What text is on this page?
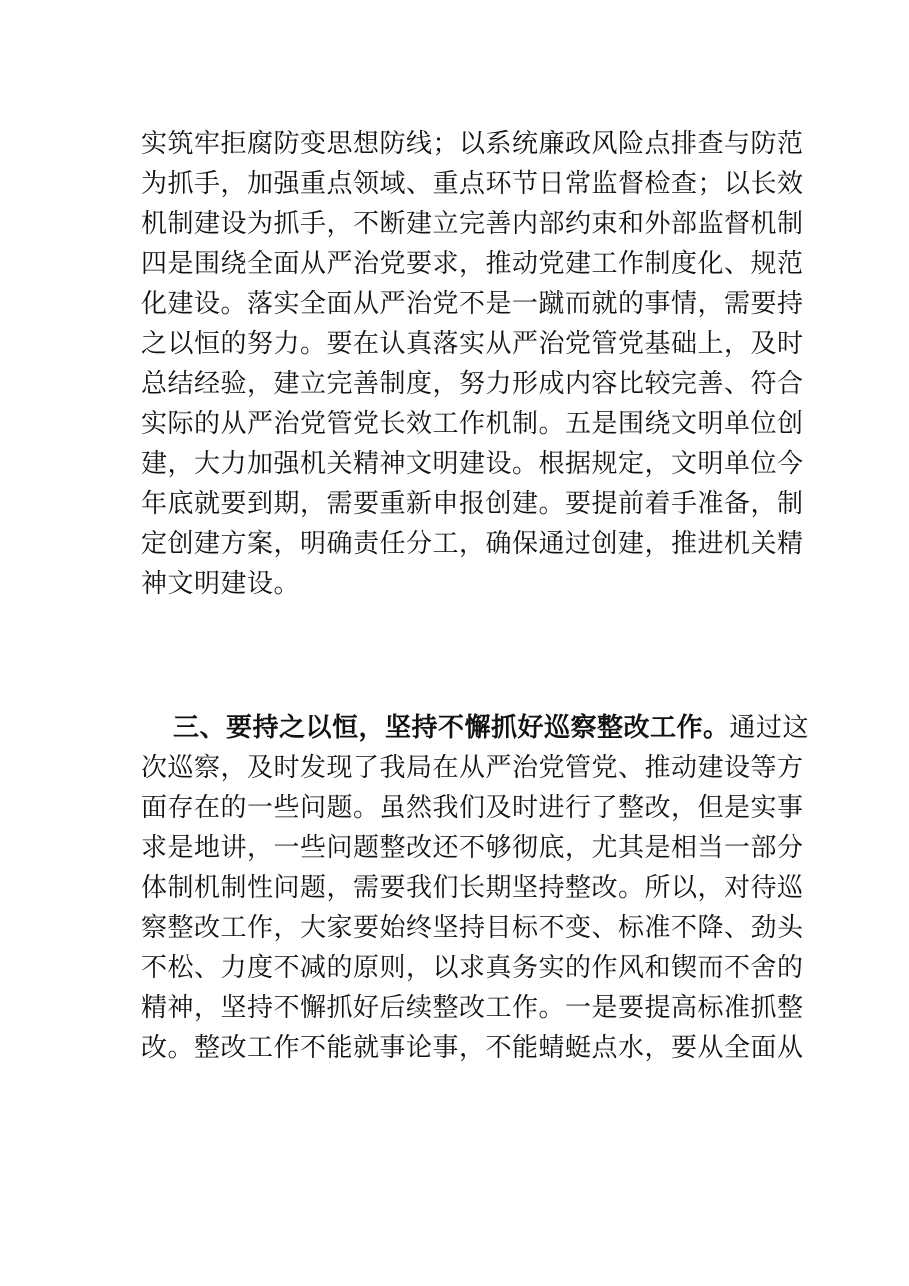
实筑牢拒腐防变思想防线；以系统廉政风险点排查与防范
为抓手，加强重点领域、重点环节日常监督检查；以长效
机制建设为抓手，不断建立完善内部约束和外部监督机制
四是围绕全面从严治党要求，推动党建工作制度化、规范
化建设。落实全面从严治党不是一蹴而就的事情，需要持
之以恒的努力。要在认真落实从严治党管党基础上，及时
总结经验，建立完善制度，努力形成内容比较完善、符合
实际的从严治党管党长效工作机制。五是围绕文明单位创
建，大力加强机关精神文明建设。根据规定，文明单位今
年底就要到期，需要重新申报创建。要提前着手准备，制
定创建方案，明确责任分工，确保通过创建，推进机关精
神文明建设。
三、要持之以恒，坚持不懈抓好巡察整改工作。通过这
次巡察，及时发现了我局在从严治党管党、推动建设等方
面存在的一些问题。虽然我们及时进行了整改，但是实事
求是地讲，一些问题整改还不够彻底，尤其是相当一部分
体制机制性问题，需要我们长期坚持整改。所以，对待巡
察整改工作，大家要始终坚持目标不变、标准不降、劲头
不松、力度不减的原则，以求真务实的作风和锲而不舍的
精神，坚持不懈抓好后续整改工作。一是要提高标准抓整
改。整改工作不能就事论事，不能蜻蜓点水，要从全面从
